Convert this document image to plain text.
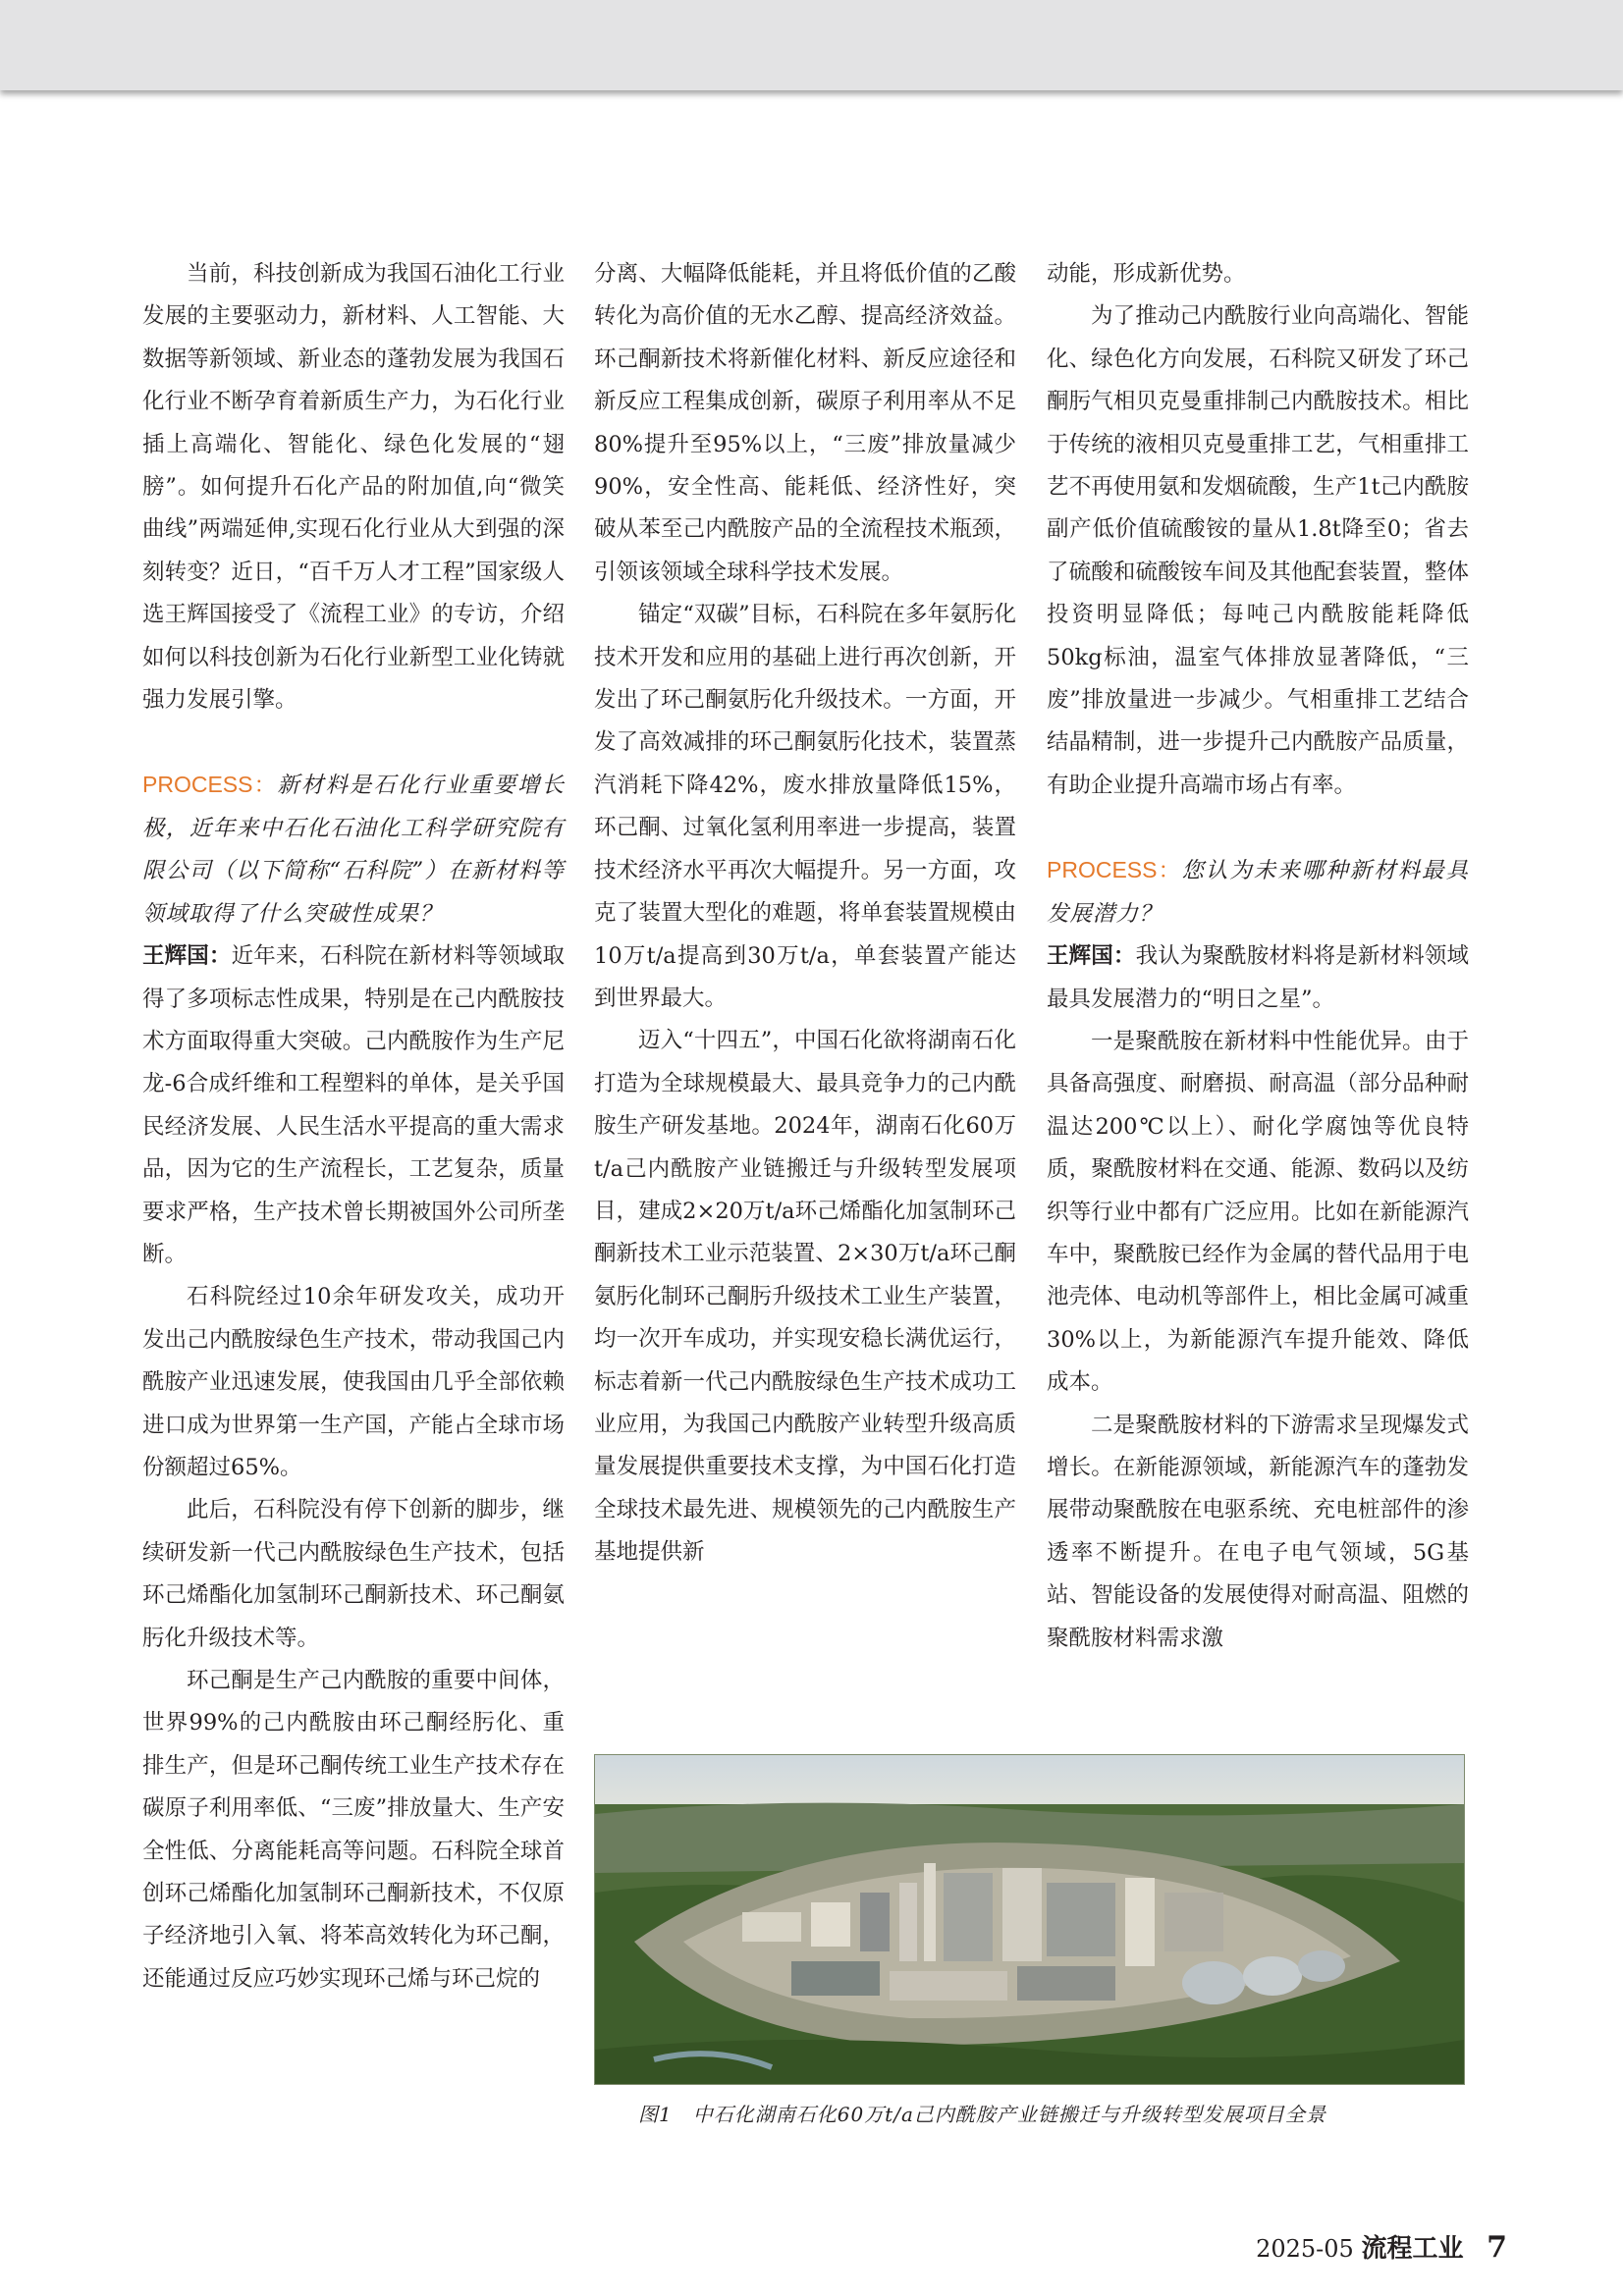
当前，科技创新成为我国石油化工行业发展的主要驱动力，新材料、人工智能、大数据等新领域、新业态的蓬勃发展为我国石化行业不断孕育着新质生产力，为石化行业插上高端化、智能化、绿色化发展的“翅膀”。如何提升石化产品的附加值,向“微笑曲线”两端延伸,实现石化行业从大到强的深刻转变？近日，“百千万人才工程”国家级人选王辉国接受了《流程工业》的专访，介绍如何以科技创新为石化行业新型工业化铸就强力发展引擎。

PROCESS：新材料是石化行业重要增长极，近年来中石化石油化工科学研究院有限公司（以下简称“石科院”）在新材料等领域取得了什么突破性成果？

王辉国：近年来，石科院在新材料等领域取得了多项标志性成果，特别是在己内酰胺技术方面取得重大突破。己内酰胺作为生产尼龙-6合成纤维和工程塑料的单体，是关乎国民经济发展、人民生活水平提高的重大需求品，因为它的生产流程长，工艺复杂，质量要求严格，生产技术曾长期被国外公司所垄断。

石科院经过10余年研发攻关，成功开发出己内酰胺绿色生产技术，带动我国己内酰胺产业迅速发展，使我国由几乎全部依赖进口成为世界第一生产国，产能占全球市场份额超过65%。

此后，石科院没有停下创新的脚步，继续研发新一代己内酰胺绿色生产技术，包括环己烯酯化加氢制环己酮新技术、环己酮氨肟化升级技术等。

环己酮是生产己内酰胺的重要中间体，世界99%的己内酰胺由环己酮经肟化、重排生产，但是环己酮传统工业生产技术存在碳原子利用率低、“三废”排放量大、生产安全性低、分离能耗高等问题。石科院全球首创环己烯酯化加氢制环己酮新技术，不仅原子经济地引入氧、将苯高效转化为环己酮，还能通过反应巧妙实现环己烯与环己烷的

分离、大幅降低能耗，并且将低价值的乙酸转化为高价值的无水乙醇、提高经济效益。环己酮新技术将新催化材料、新反应途径和新反应工程集成创新，碳原子利用率从不足80%提升至95%以上，“三废”排放量减少90%，安全性高、能耗低、经济性好，突破从苯至己内酰胺产品的全流程技术瓶颈，引领该领域全球科学技术发展。

锚定“双碳”目标，石科院在多年氨肟化技术开发和应用的基础上进行再次创新，开发出了环己酮氨肟化升级技术。一方面，开发了高效减排的环己酮氨肟化技术，装置蒸汽消耗下降42%，废水排放量降低15%，环己酮、过氧化氢利用率进一步提高，装置技术经济水平再次大幅提升。另一方面，攻克了装置大型化的难题，将单套装置规模由10万t/a提高到30万t/a，单套装置产能达到世界最大。

迈入“十四五”，中国石化欲将湖南石化打造为全球规模最大、最具竞争力的己内酰胺生产研发基地。2024年，湖南石化60万t/a己内酰胺产业链搬迁与升级转型发展项目，建成2×20万t/a环己烯酯化加氢制环己酮新技术工业示范装置、2×30万t/a环己酮氨肟化制环己酮肟升级技术工业生产装置，均一次开车成功，并实现安稳长满优运行，标志着新一代己内酰胺绿色生产技术成功工业应用，为我国己内酰胺产业转型升级高质量发展提供重要技术支撑，为中国石化打造全球技术最先进、规模领先的己内酰胺生产基地提供新

动能，形成新优势。

为了推动己内酰胺行业向高端化、智能化、绿色化方向发展，石科院又研发了环己酮肟气相贝克曼重排制己内酰胺技术。相比于传统的液相贝克曼重排工艺，气相重排工艺不再使用氨和发烟硫酸，生产1t己内酰胺副产低价值硫酸铵的量从1.8t降至0；省去了硫酸和硫酸铵车间及其他配套装置，整体投资明显降低；每吨己内酰胺能耗降低50kg标油，温室气体排放显著降低，“三废”排放量进一步减少。气相重排工艺结合结晶精制，进一步提升己内酰胺产品质量，有助企业提升高端市场占有率。

PROCESS：您认为未来哪种新材料最具发展潜力？

王辉国：我认为聚酰胺材料将是新材料领域最具发展潜力的“明日之星”。

一是聚酰胺在新材料中性能优异。由于具备高强度、耐磨损、耐高温（部分品种耐温达200℃以上）、耐化学腐蚀等优良特质，聚酰胺材料在交通、能源、数码以及纺织等行业中都有广泛应用。比如在新能源汽车中，聚酰胺已经作为金属的替代品用于电池壳体、电动机等部件上，相比金属可减重30%以上，为新能源汽车提升能效、降低成本。

二是聚酰胺材料的下游需求呈现爆发式增长。在新能源领域，新能源汽车的蓬勃发展带动聚酰胺在电驱系统、充电桩部件的渗透率不断提升。在电子电气领域，5G基站、智能设备的发展使得对耐高温、阻燃的聚酰胺材料需求激

图1　中石化湖南石化60万t/a己内酰胺产业链搬迁与升级转型发展项目全景
2025-05 流程工业 7
